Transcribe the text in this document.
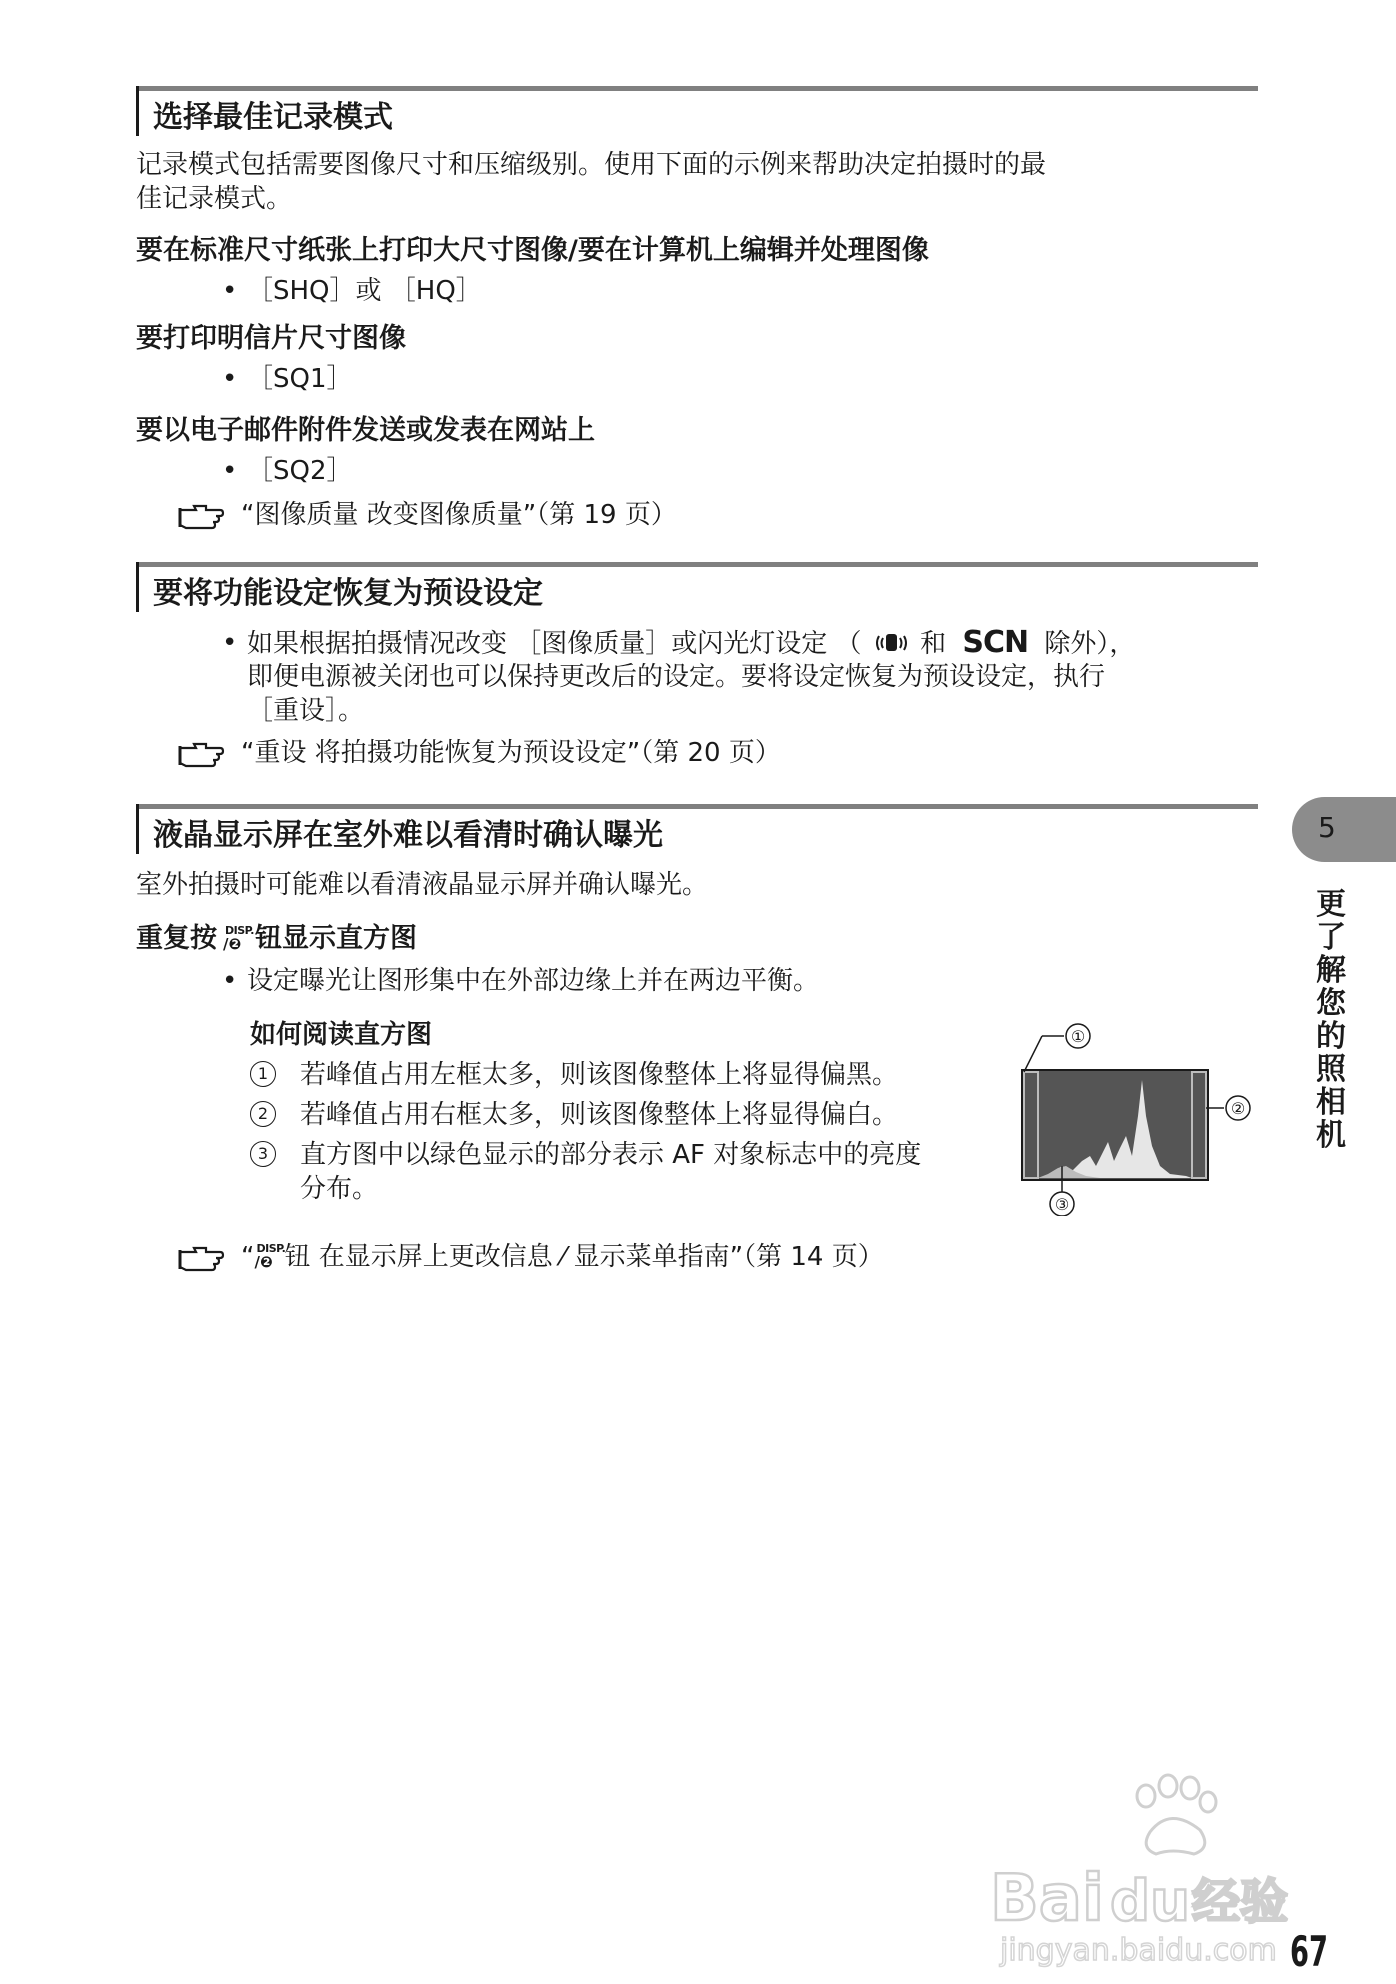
选择最佳记录模式
记录模式包括需要图像尺寸和压缩级别。使用下面的示例来帮助决定拍摄时的最
佳记录模式。
要在标准尺寸纸张上打印大尺寸图像/要在计算机上编辑并处理图像
• ［SHQ］或 ［HQ］
要打印明信片尺寸图像
• ［SQ1］
要以电子邮件附件发送或发表在网站上
• ［SQ2］
“图像质量 改变图像质量”（第 19 页）
要将功能设定恢复为预设设定
• 如果根据拍摄情况改变 ［图像质量］或闪光灯设定 （ 和 SCN 除外），
即便电源被关闭也可以保持更改后的设定。要将设定恢复为预设设定，执行
［重设］。
“重设 将拍摄功能恢复为预设设定”（第 20 页）
液晶显示屏在室外难以看清时确认曝光
室外拍摄时可能难以看清液晶显示屏并确认曝光。
重复按 DISP.
/❷ 钮显示直方图
• 设定曝光让图形集中在外部边缘上并在两边平衡。
如何阅读直方图
1	若峰值占用左框太多，则该图像整体上将显得偏黑。
2	若峰值占用右框太多，则该图像整体上将显得偏白。
3	直方图中以绿色显示的部分表示 AF 对象标志中的亮度
分布。
①
②
③
“ DISP.
/❷ 钮 在显示屏上更改信息 ⁄ 显示菜单指南”（第 14 页）
5
更
了
解
您
的
照
相
机
Bai du 经验
jingyan.baidu.com 67
